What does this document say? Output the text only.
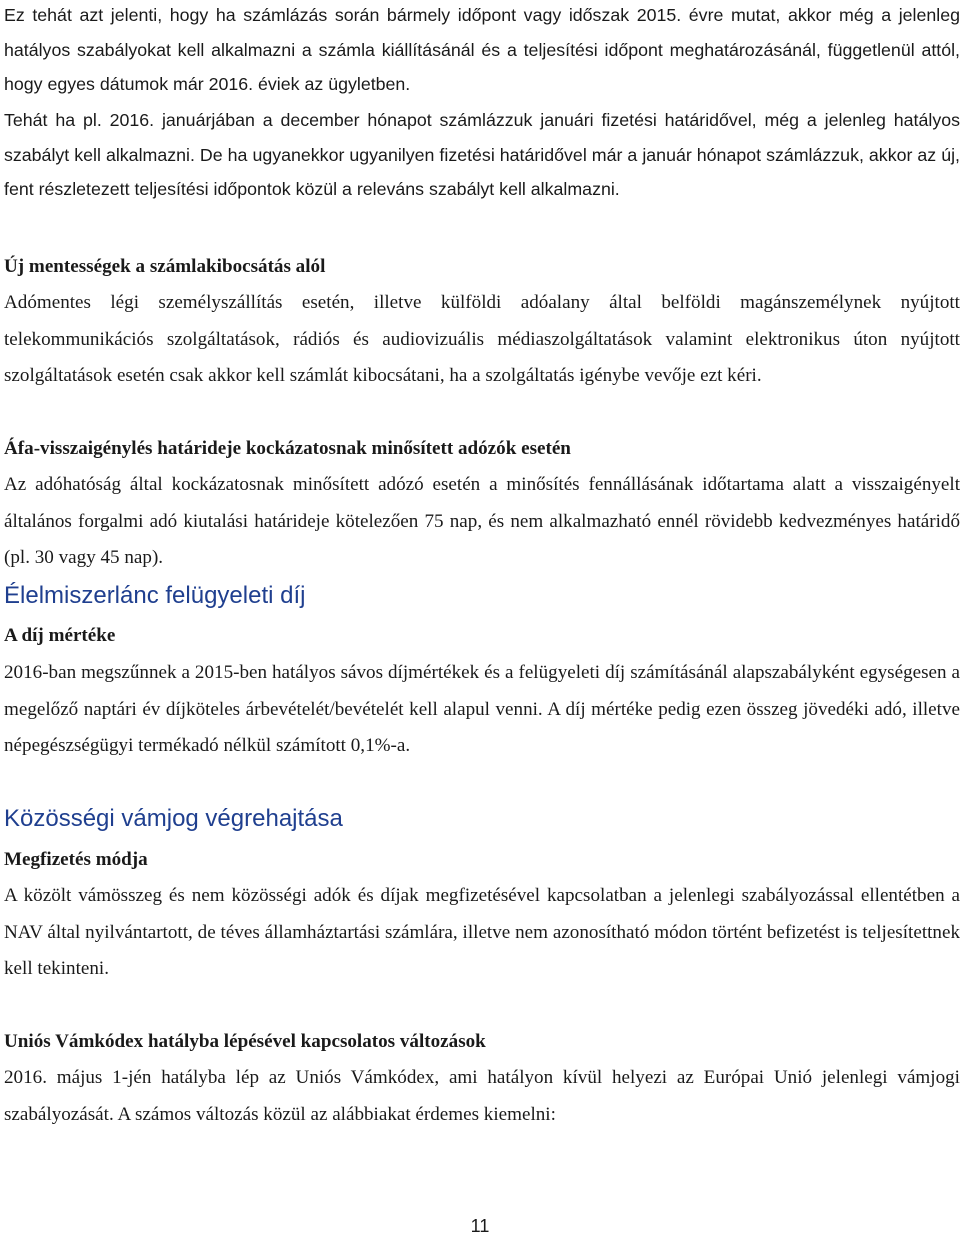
Ez tehát azt jelenti, hogy ha számlázás során bármely időpont vagy időszak 2015. évre mutat, akkor még a jelenleg hatályos szabályokat kell alkalmazni a számla kiállításánál és a teljesítési időpont meghatározásánál, függetlenül attól, hogy egyes dátumok már 2016. éviek az ügyletben.

Tehát ha pl. 2016. januárjában a december hónapot számlázzuk januári fizetési határidővel, még a jelenleg hatályos szabályt kell alkalmazni. De ha ugyanekkor ugyanilyen fizetési határidővel már a január hónapot számlázzuk, akkor az új, fent részletezett teljesítési időpontok közül a releváns szabályt kell alkalmazni.

Új mentességek a számlakibocsátás alól

Adómentes légi személyszállítás esetén, illetve külföldi adóalany által belföldi magánszemélynek nyújtott telekommunikációs szolgáltatások, rádiós és audiovizuális médiaszolgáltatások valamint elektronikus úton nyújtott szolgáltatások esetén csak akkor kell számlát kibocsátani, ha a szolgáltatás igénybe vevője ezt kéri.

Áfa-visszaigénylés határideje kockázatosnak minősített adózók esetén

Az adóhatóság által kockázatosnak minősített adózó esetén a minősítés fennállásának időtartama alatt a visszaigényelt általános forgalmi adó kiutalási határideje kötelezően 75 nap, és nem alkalmazható ennél rövidebb kedvezményes határidő (pl. 30 vagy 45 nap).

Élelmiszerlánc felügyeleti díj
A díj mértéke

2016-ban megszűnnek a 2015-ben hatályos sávos díjmértékek és a felügyeleti díj számításánál alapszabályként egységesen a megelőző naptári év díjköteles árbevételét/bevételét kell alapul venni. A díj mértéke pedig ezen összeg jövedéki adó, illetve népegészségügyi termékadó nélkül számított 0,1%-a.

Közösségi vámjog végrehajtása
Megfizetés módja

A közölt vámösszeg és nem közösségi adók és díjak megfizetésével kapcsolatban a jelenlegi szabályozással ellentétben a NAV által nyilvántartott, de téves államháztartási számlára, illetve nem azonosítható módon történt befizetést is teljesítettnek kell tekinteni.

Uniós Vámkódex hatályba lépésével kapcsolatos változások

2016. május 1-jén hatályba lép az Uniós Vámkódex, ami hatályon kívül helyezi az Európai Unió jelenlegi vámjogi szabályozását. A számos változás közül az alábbiakat érdemes kiemelni:

11
